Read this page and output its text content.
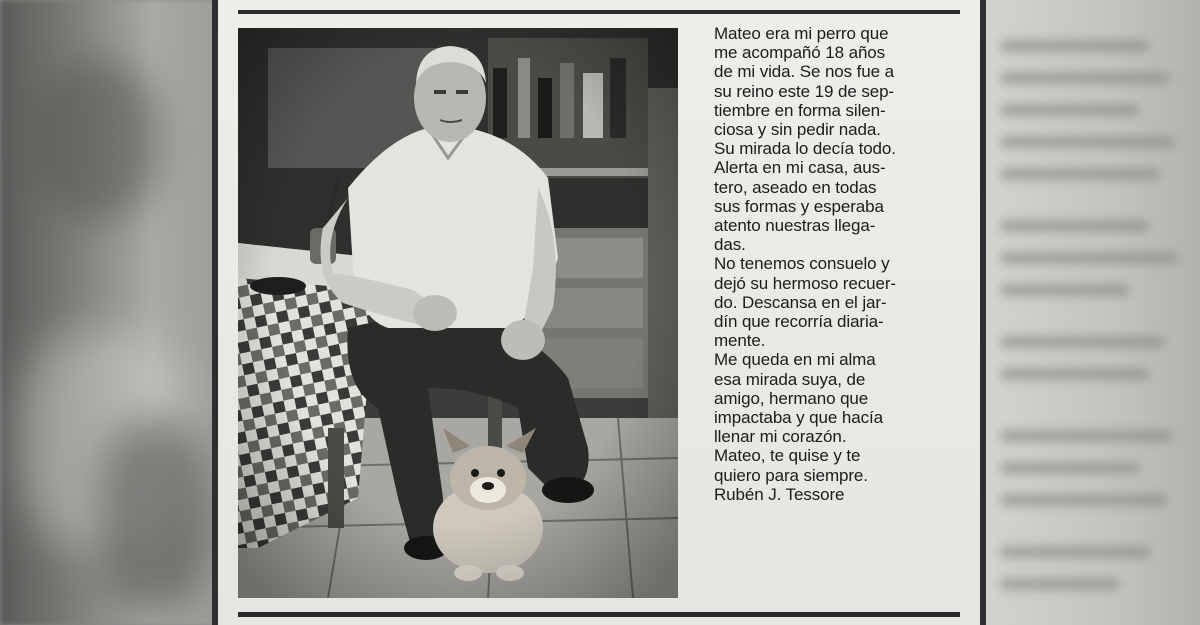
Mateo era mi perro que
me acompañó 18 años
de mi vida. Se nos fue a
su reino este 19 de sep-
tiembre en forma silen-
ciosa y sin pedir nada.
Su mirada lo decía todo.
Alerta en mi casa, aus-
tero, aseado en todas
sus formas y esperaba
atento nuestras llega-
das.

No tenemos consuelo y
dejó su hermoso recuer-
do. Descansa en el jar-
dín que recorría diaria-
mente.

Me queda en mi alma
esa mirada suya, de
amigo, hermano que
impactaba y que hacía
llenar mi corazón.

Mateo, te quise y te
quiero para siempre.

Rubén J. Tessore
